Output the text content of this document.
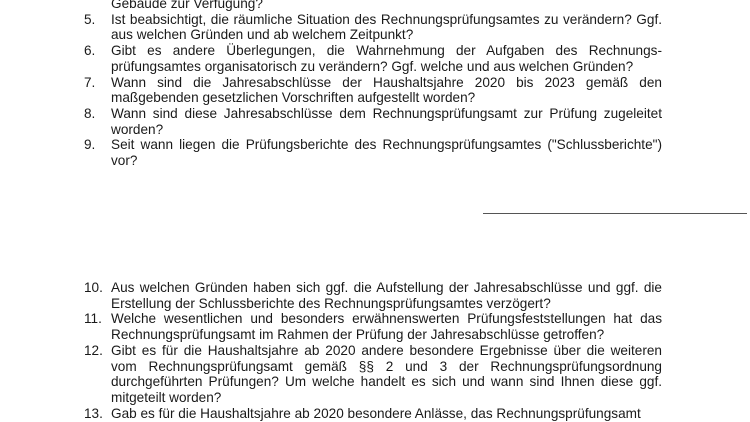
Gebäude zur Verfügung?
5.	Ist beabsichtigt, die räumliche Situation des Rechnungsprüfungsamtes zu verändern? Ggf. aus welchen Gründen und ab welchem Zeitpunkt?
6.	Gibt es andere Überlegungen, die Wahrnehmung der Aufgaben des Rechnungs-prüfungsamtes organisatorisch zu verändern? Ggf. welche und aus welchen Gründen?
7.	Wann sind die Jahresabschlüsse der Haushaltsjahre 2020 bis 2023 gemäß den maßgebenden gesetzlichen Vorschriften aufgestellt worden?
8.	Wann sind diese Jahresabschlüsse dem Rechnungsprüfungsamt zur Prüfung zugeleitet worden?
9.	Seit wann liegen die Prüfungsberichte des Rechnungsprüfungsamtes ("Schlussberichte") vor?
10. Aus welchen Gründen haben sich ggf. die Aufstellung der Jahresabschlüsse und ggf. die Erstellung der Schlussberichte des Rechnungsprüfungsamtes verzögert?
11. Welche wesentlichen und besonders erwähnenswerten Prüfungsfeststellungen hat das Rechnungsprüfungsamt im Rahmen der Prüfung der Jahresabschlüsse getroffen?
12. Gibt es für die Haushaltsjahre ab 2020 andere besondere Ergebnisse über die weiteren vom Rechnungsprüfungsamt gemäß §§ 2 und 3 der Rechnungsprüfungsordnung durchgeführten Prüfungen? Um welche handelt es sich und wann sind Ihnen diese ggf. mitgeteilt worden?
13. Gab es für die Haushaltsjahre ab 2020 besondere Anlässe, das Rechnungsprüfungsamt
